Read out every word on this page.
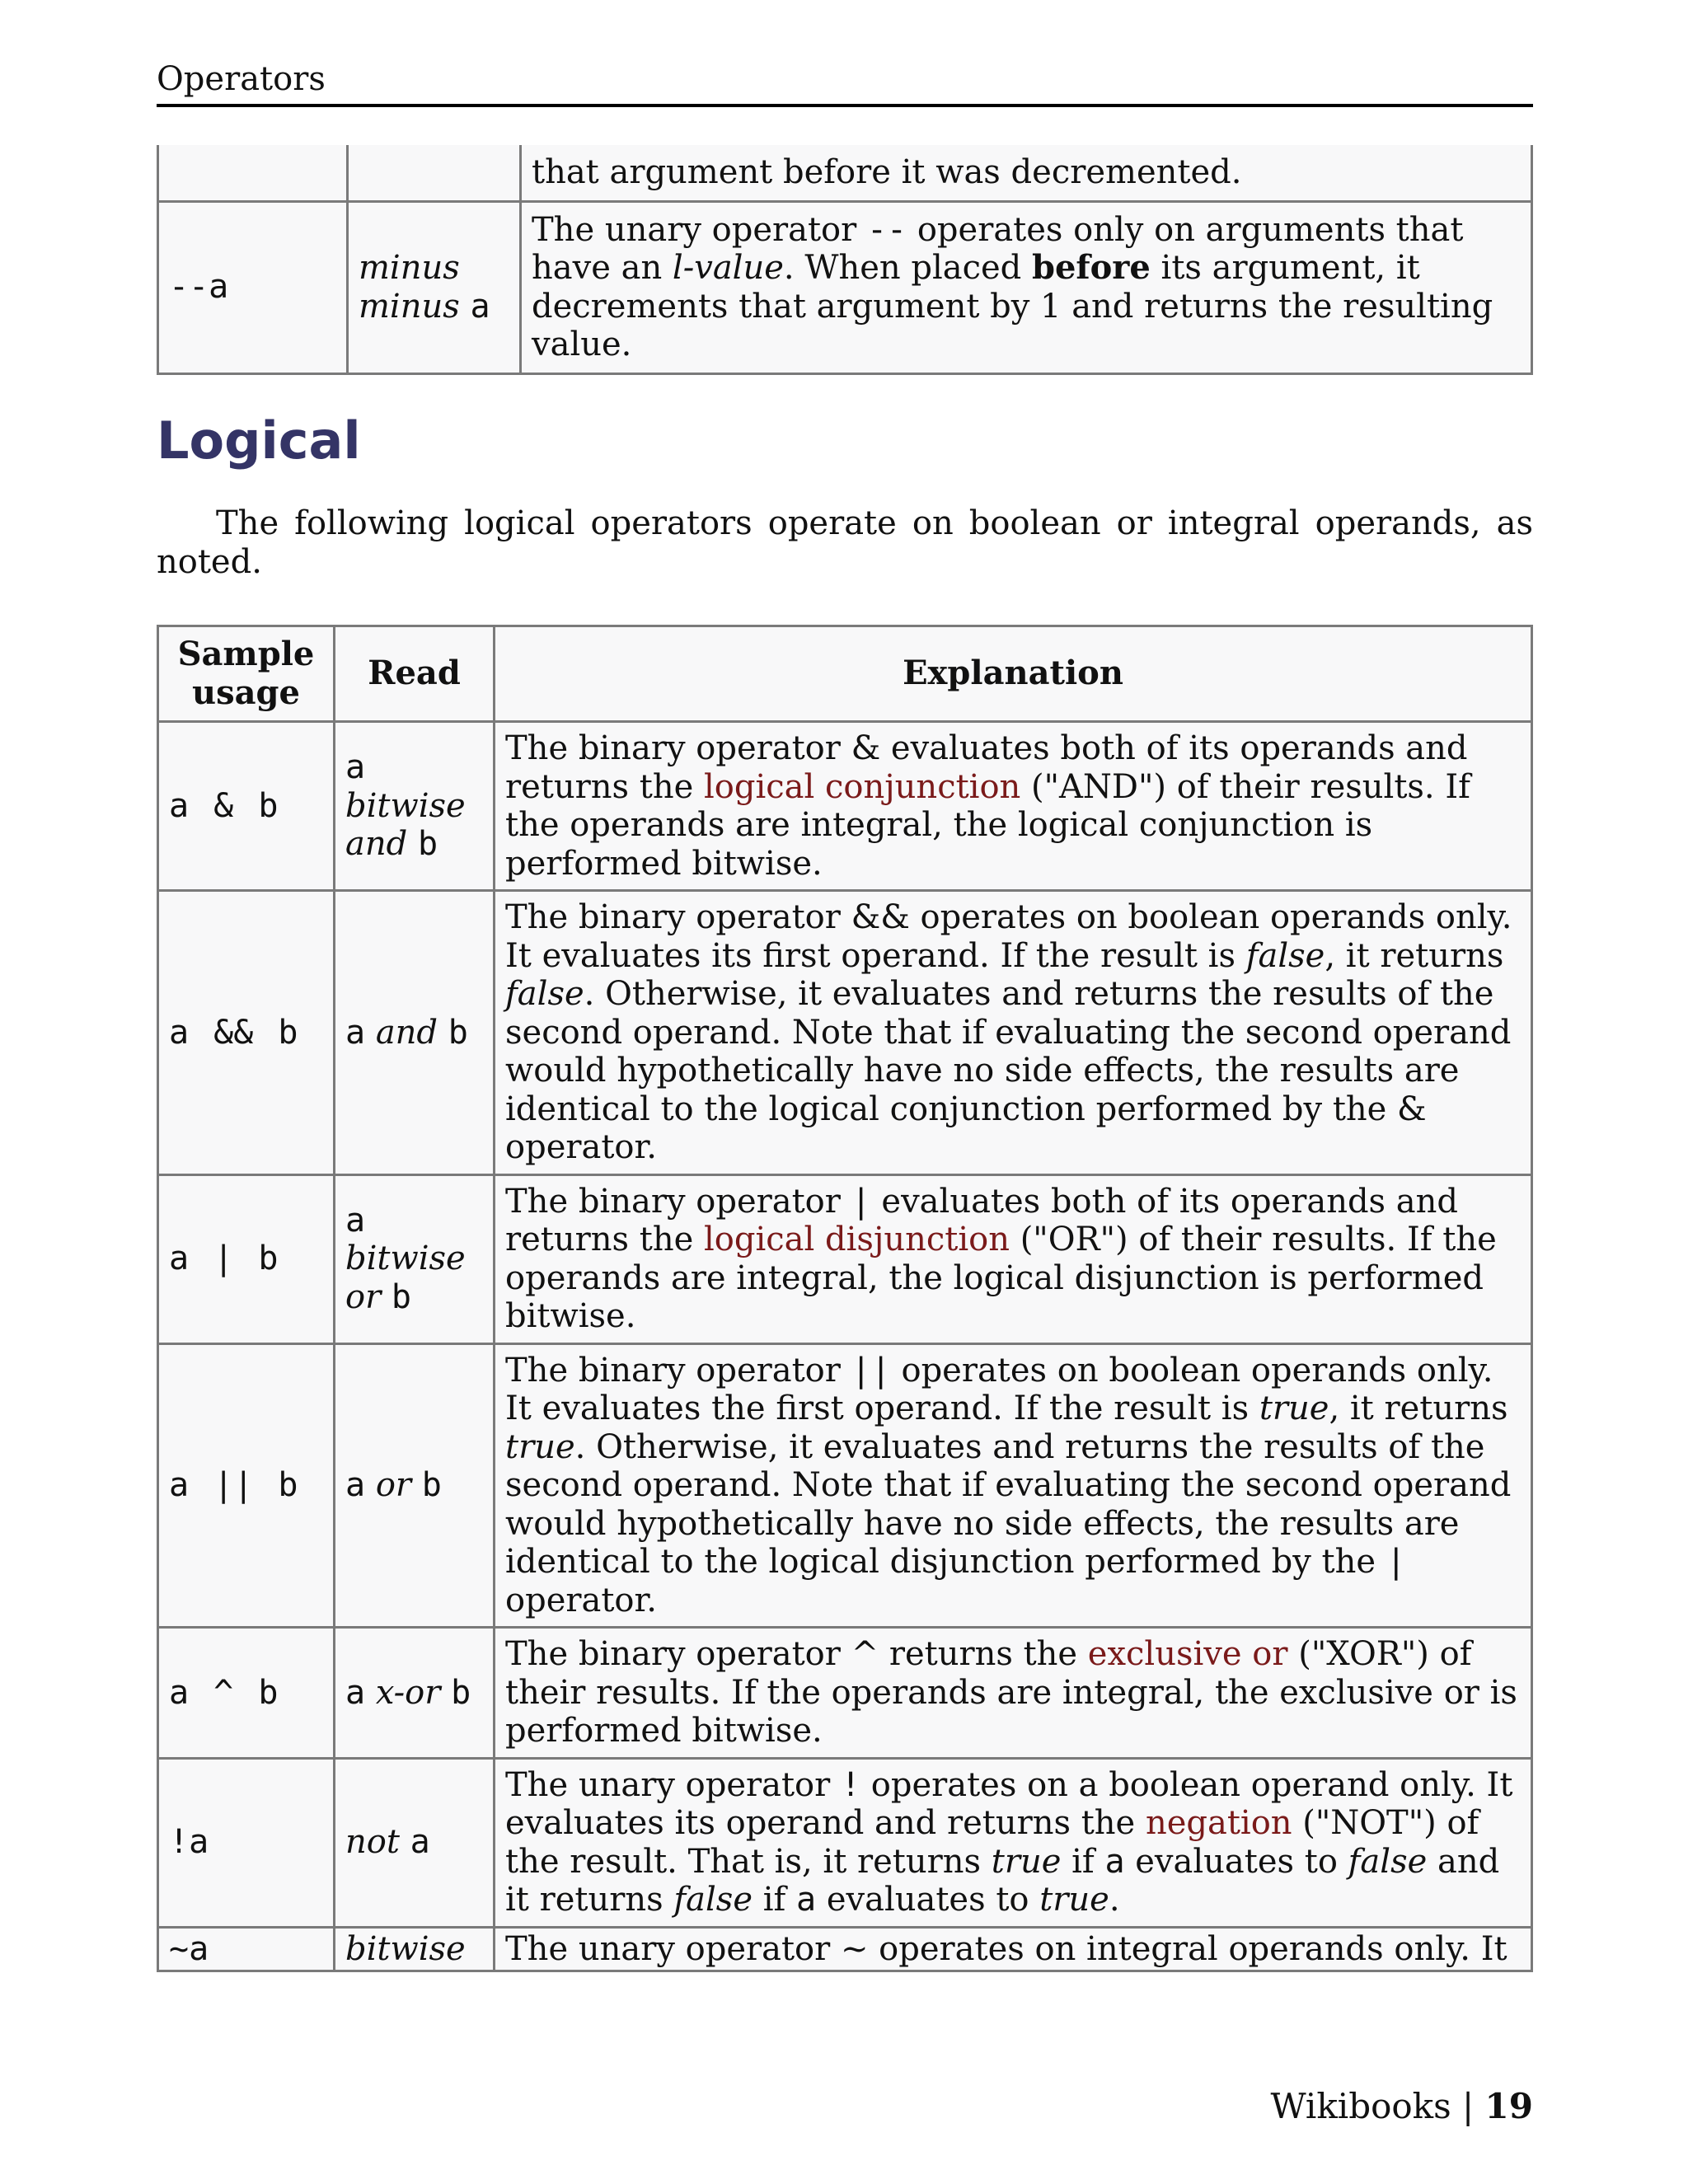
Operators
		that argument before it was decremented.
--a	minus minus a	The unary operator -- operates only on arguments that have an l-value. When placed before its argument, it decrements that argument by 1 and returns the resulting value.
Logical

The following logical operators operate on boolean or integral operands, as noted.

Sample usage	Read	Explanation
a & b	a bitwise and b	The binary operator & evaluates both of its operands and returns the logical conjunction ("AND") of their results. If the operands are integral, the logical conjunction is performed bitwise.
a && b	a and b	The binary operator && operates on boolean operands only. It evaluates its first operand. If the result is false, it returns false. Otherwise, it evaluates and returns the results of the second operand. Note that if evaluating the second operand would hypothetically have no side effects, the results are identical to the logical conjunction performed by the & operator.
a | b	a bitwise or b	The binary operator | evaluates both of its operands and returns the logical disjunction ("OR") of their results. If the operands are integral, the logical disjunction is performed bitwise.
a || b	a or b	The binary operator || operates on boolean operands only. It evaluates the first operand. If the result is true, it returns true. Otherwise, it evaluates and returns the results of the second operand. Note that if evaluating the second operand would hypothetically have no side effects, the results are identical to the logical disjunction performed by the | operator.
a ^ b	a x-or b	The binary operator ^ returns the exclusive or ("XOR") of their results. If the operands are integral, the exclusive or is performed bitwise.
!a	not a	The unary operator ! operates on a boolean operand only. It evaluates its operand and returns the negation ("NOT") of the result. That is, it returns true if a evaluates to false and it returns false if a evaluates to true.
~a	bitwise	The unary operator ~ operates on integral operands only. It
Wikibooks | 19
